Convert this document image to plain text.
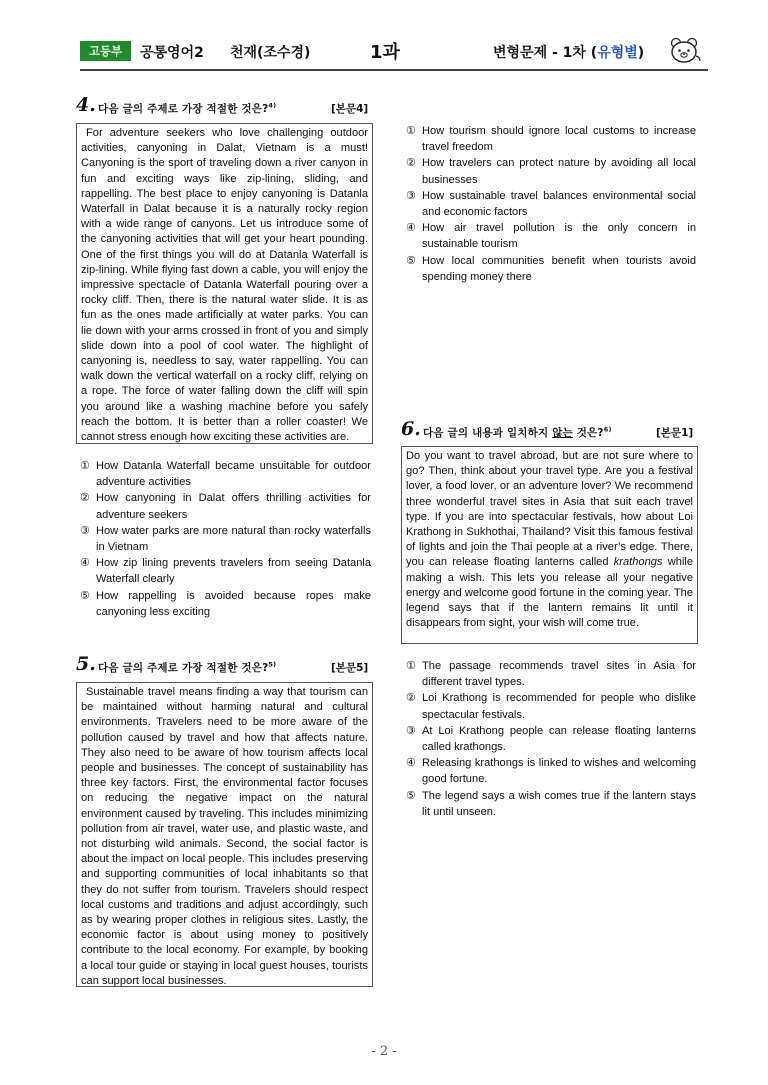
고등부	공통영어2 천재(조수경)	1과	변형문제 - 1차 (유형별)
4. 다음 글의 주제로 가장 적절한 것은?$^{4)}$	[본문4]

For adventure seekers who love challenging outdoor activities, canyoning in Dalat, Vietnam is a must! Canyoning is the sport of traveling down a river canyon in fun and exciting ways like zip-lining, sliding, and rappelling. The best place to enjoy canyoning is Datanla Waterfall in Dalat because it is a naturally rocky region with a wide range of canyons. Let us introduce some of the canyoning activities that will get your heart pounding. One of the first things you will do at Datanla Waterfall is zip-lining. While flying fast down a cable, you will enjoy the impressive spectacle of Datanla Waterfall pouring over a rocky cliff. Then, there is the natural water slide. It is as fun as the ones made artificially at water parks. You can lie down with your arms crossed in front of you and simply slide down into a pool of cool water. The highlight of canyoning is, needless to say, water rappelling. You can walk down the vertical waterfall on a rocky cliff, relying on a rope. The force of water falling down the cliff will spin you around like a washing machine before you safely reach the bottom. It is better than a roller coaster! We cannot stress enough how exciting these activities are.

① How Datanla Waterfall became unsuitable for outdoor adventure activities
② How canyoning in Dalat offers thrilling activities for adventure seekers
③ How water parks are more natural than rocky waterfalls in Vietnam
④ How zip lining prevents travelers from seeing Datanla Waterfall clearly
⑤ How rappelling is avoided because ropes make canyoning less exciting
5. 다음 글의 주제로 가장 적절한 것은?$^{5)}$	[본문5]

Sustainable travel means finding a way that tourism can be maintained without harming natural and cultural environments. Travelers need to be more aware of the pollution caused by travel and how that affects nature. They also need to be aware of how tourism affects local people and businesses. The concept of sustainability has three key factors. First, the environmental factor focuses on reducing the negative impact on the natural environment caused by traveling. This includes minimizing pollution from air travel, water use, and plastic waste, and not disturbing wild animals. Second, the social factor is about the impact on local people. This includes preserving and supporting communities of local inhabitants so that they do not suffer from tourism. Travelers should respect local customs and traditions and adjust accordingly, such as by wearing proper clothes in religious sites. Lastly, the economic factor is about using money to positively contribute to the local economy. For example, by booking a local tour guide or staying in local guest houses, tourists can support local businesses.

① How tourism should ignore local customs to increase travel freedom
② How travelers can protect nature by avoiding all local businesses
③ How sustainable travel balances environmental social and economic factors
④ How air travel pollution is the only concern in sustainable tourism
⑤ How local communities benefit when tourists avoid spending money there
6. 다음 글의 내용과 일치하지 않는 것은?$^{6)}$	[본문1]

Do you want to travel abroad, but are not sure where to go? Then, think about your travel type. Are you a festival lover, a food lover, or an adventure lover? We recommend three wonderful travel sites in Asia that suit each travel type. If you are into spectacular festivals, how about Loi Krathong in Sukhothai, Thailand? Visit this famous festival of lights and join the Thai people at a river’s edge. There, you can release floating lanterns called krathongs while making a wish. This lets you release all your negative energy and welcome good fortune in the coming year. The legend says that if the lantern remains lit until it disappears from sight, your wish will come true.

① The passage recommends travel sites in Asia for different travel types.
② Loi Krathong is recommended for people who dislike spectacular festivals.
③ At Loi Krathong people can release floating lanterns called krathongs.
④ Releasing krathongs is linked to wishes and welcoming good fortune.
⑤ The legend says a wish comes true if the lantern stays lit until unseen.
- 2 -
